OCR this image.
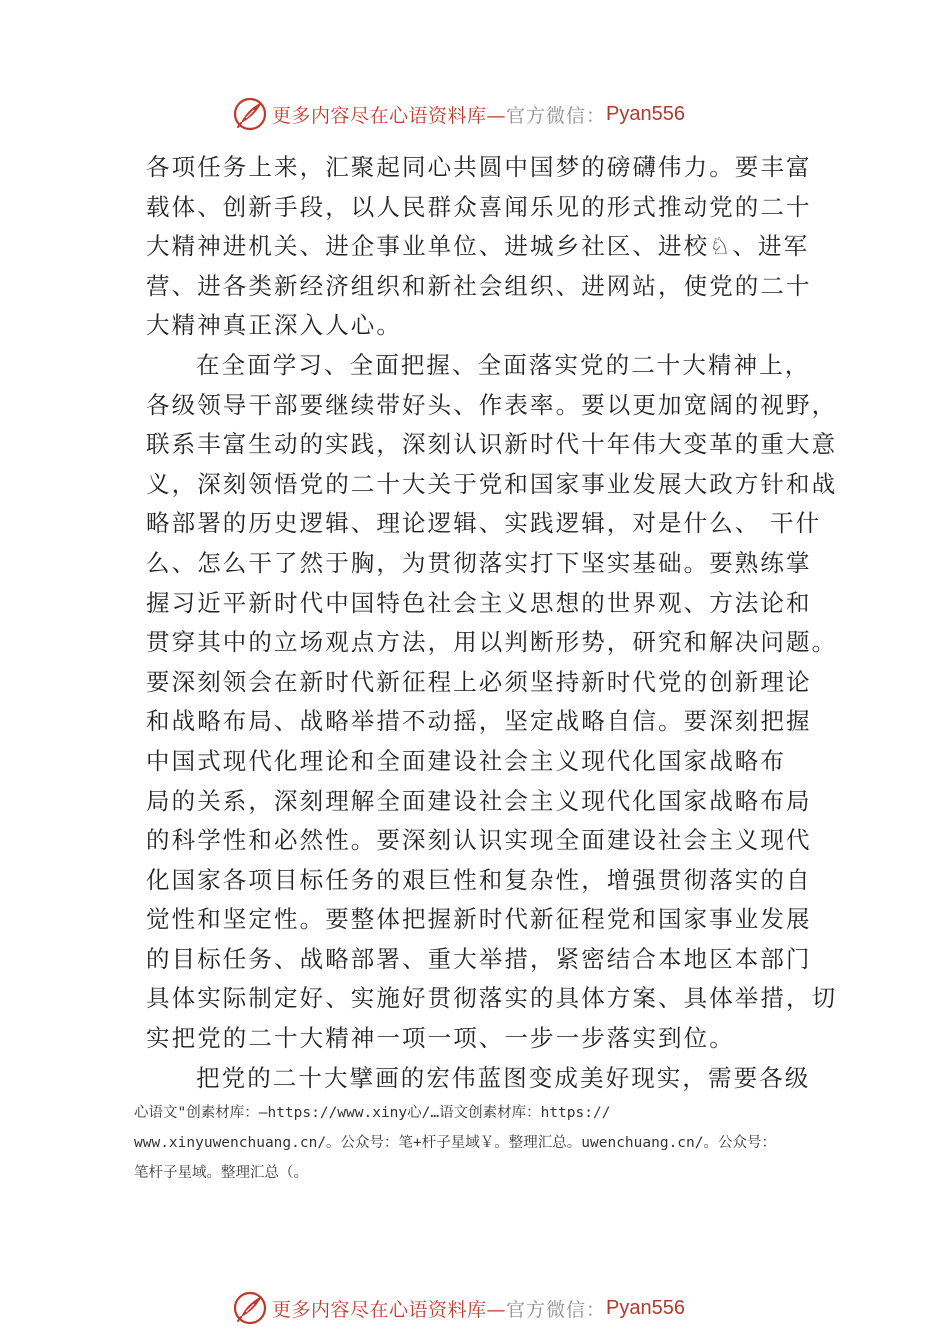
更多内容尽在心语资料库— 官方微信： Pyan556
各项任务上来，汇聚起同心共圆中国梦的磅礴伟力。要丰富
载体、创新手段，以人民群众喜闻乐见的形式推动党的二十
大精神进机关、进企事业单位、进城乡社区、进校♘、进军
营、进各类新经济组织和新社会组织、进网站，使党的二十
大精神真正深入人心。
在全面学习、全面把握、全面落实党的二十大精神上，
各级领导干部要继续带好头、作表率。要以更加宽阔的视野，
联系丰富生动的实践，深刻认识新时代十年伟大变革的重大意
义，深刻领悟党的二十大关于党和国家事业发展大政方针和战
略部署的历史逻辑、理论逻辑、实践逻辑，对是什么、 干什
么、怎么干了然于胸，为贯彻落实打下坚实基础。要熟练掌
握习近平新时代中国特色社会主义思想的世界观、方法论和
贯穿其中的立场观点方法，用以判断形势，研究和解决问题。
要深刻领会在新时代新征程上必须坚持新时代党的创新理论
和战略布局、战略举措不动摇，坚定战略自信。要深刻把握
中国式现代化理论和全面建设社会主义现代化国家战略布
局的关系，深刻理解全面建设社会主义现代化国家战略布局
的科学性和必然性。要深刻认识实现全面建设社会主义现代
化国家各项目标任务的艰巨性和复杂性，增强贯彻落实的自
觉性和坚定性。要整体把握新时代新征程党和国家事业发展
的目标任务、战略部署、重大举措，紧密结合本地区本部门
具体实际制定好、实施好贯彻落实的具体方案、具体举措，切
实把党的二十大精神一项一项、一步一步落实到位。
把党的二十大擘画的宏伟蓝图变成美好现实，需要各级
心语文"创素材库：—https://www.xiny心/…语文创素材库：https://
www.xinyuwenchuang.cn/。公众号：笔+杆子星域￥。整理汇总。uwenchuang.cn/。公众号：
笔杆子星域。整理汇总（。
更多内容尽在心语资料库— 官方微信： Pyan556
